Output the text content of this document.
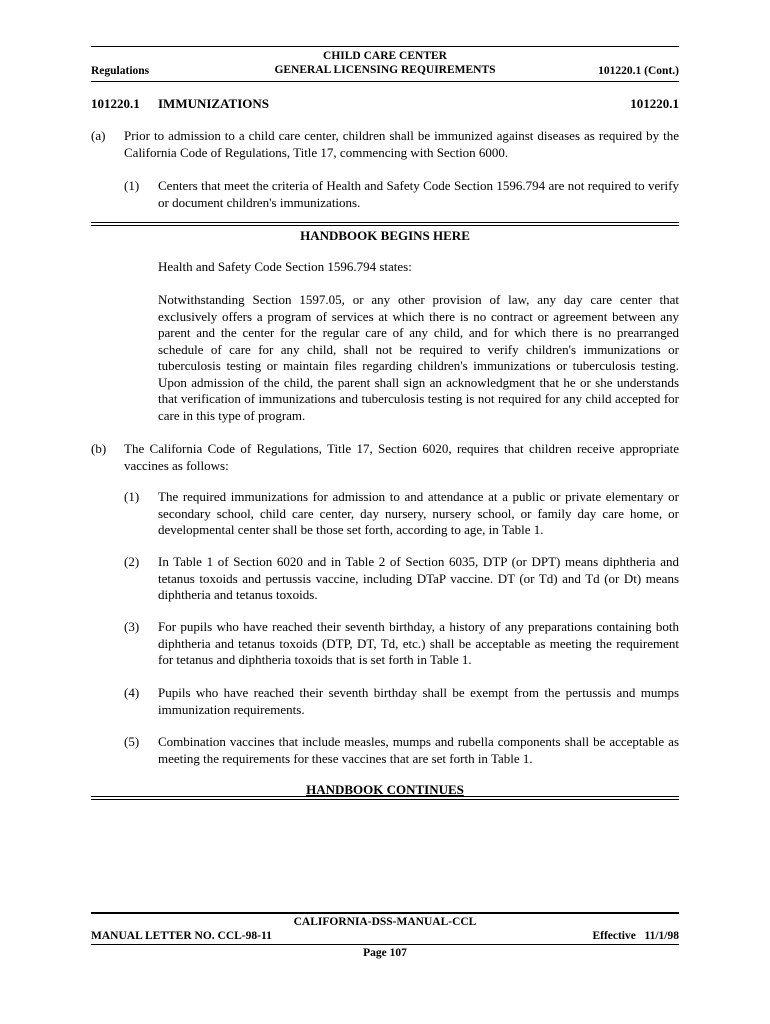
CHILD CARE CENTER
GENERAL LICENSING REQUIREMENTS
Regulations	101220.1 (Cont.)
101220.1 IMMUNIZATIONS	101220.1
(a) Prior to admission to a child care center, children shall be immunized against diseases as required by the California Code of Regulations, Title 17, commencing with Section 6000.
(1) Centers that meet the criteria of Health and Safety Code Section 1596.794 are not required to verify or document children's immunizations.
HANDBOOK BEGINS HERE
Health and Safety Code Section 1596.794 states:
Notwithstanding Section 1597.05, or any other provision of law, any day care center that exclusively offers a program of services at which there is no contract or agreement between any parent and the center for the regular care of any child, and for which there is no prearranged schedule of care for any child, shall not be required to verify children's immunizations or tuberculosis testing or maintain files regarding children's immunizations or tuberculosis testing. Upon admission of the child, the parent shall sign an acknowledgment that he or she understands that verification of immunizations and tuberculosis testing is not required for any child accepted for care in this type of program.
(b) The California Code of Regulations, Title 17, Section 6020, requires that children receive appropriate vaccines as follows:
(1) The required immunizations for admission to and attendance at a public or private elementary or secondary school, child care center, day nursery, nursery school, or family day care home, or developmental center shall be those set forth, according to age, in Table 1.
(2) In Table 1 of Section 6020 and in Table 2 of Section 6035, DTP (or DPT) means diphtheria and tetanus toxoids and pertussis vaccine, including DTaP vaccine. DT (or Td) and Td (or Dt) means diphtheria and tetanus toxoids.
(3) For pupils who have reached their seventh birthday, a history of any preparations containing both diphtheria and tetanus toxoids (DTP, DT, Td, etc.) shall be acceptable as meeting the requirement for tetanus and diphtheria toxoids that is set forth in Table 1.
(4) Pupils who have reached their seventh birthday shall be exempt from the pertussis and mumps immunization requirements.
(5) Combination vaccines that include measles, mumps and rubella components shall be acceptable as meeting the requirements for these vaccines that are set forth in Table 1.
HANDBOOK CONTINUES
CALIFORNIA-DSS-MANUAL-CCL
MANUAL LETTER NO. CCL-98-11	Effective   11/1/98
Page 107
